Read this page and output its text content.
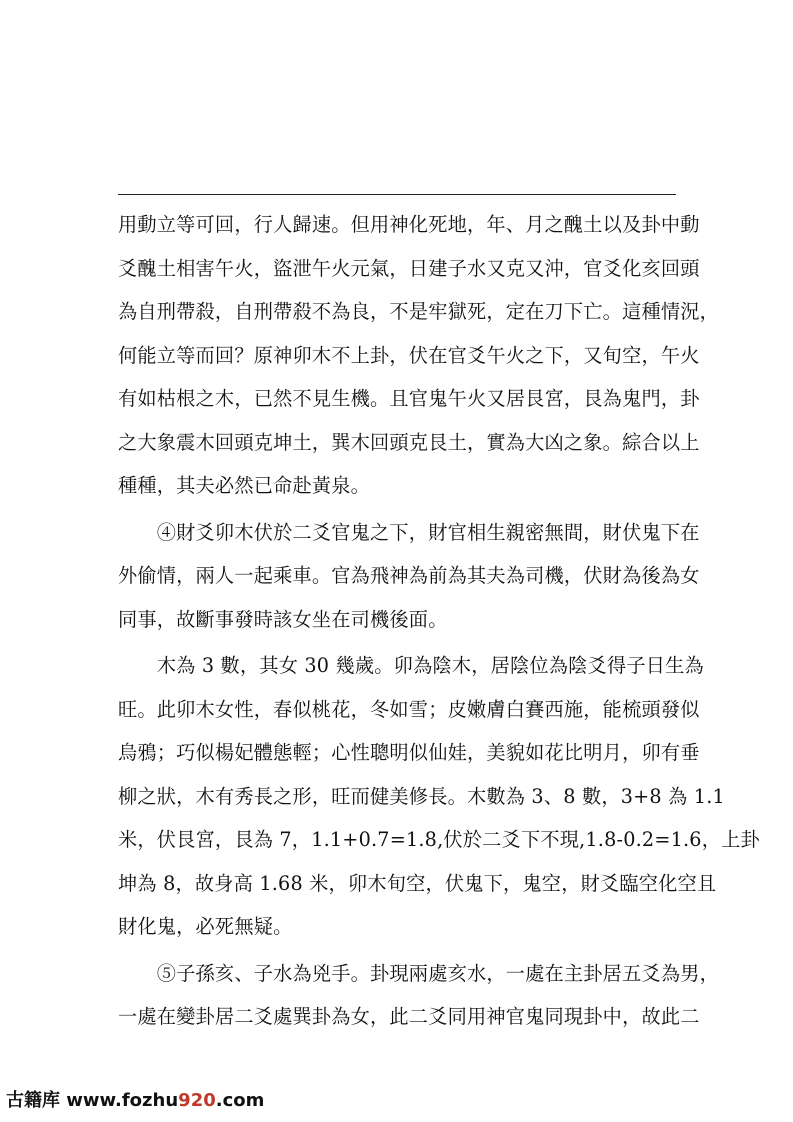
用動立等可回，行人歸速。但用神化死地，年、月之醜土以及卦中動
爻醜土相害午火，盜泄午火元氣，日建子水又克又沖，官爻化亥回頭
為自刑帶殺，自刑帶殺不為良，不是牢獄死，定在刀下亡。這種情況，
何能立等而回？原神卯木不上卦，伏在官爻午火之下，又旬空，午火
有如枯根之木，已然不見生機。且官鬼午火又居艮宮，艮為鬼門，卦
之大象震木回頭克坤土，巽木回頭克艮土，實為大凶之象。綜合以上
種種，其夫必然已命赴黃泉。
　　④財爻卯木伏於二爻官鬼之下，財官相生親密無間，財伏鬼下在
外偷情，兩人一起乘車。官為飛神為前為其夫為司機，伏財為後為女
同事，故斷事發時該女坐在司機後面。
　　木為 3 數，其女 30 幾歲。卯為陰木，居陰位為陰爻得子日生為
旺。此卯木女性，春似桃花，冬如雪；皮嫩膚白賽西施，能梳頭發似
烏鴉；巧似楊妃體態輕；心性聰明似仙娃，美貌如花比明月，卯有垂
柳之狀，木有秀長之形，旺而健美修長。木數為 3、8 數，3+8 為 1.1
米，伏艮宮，艮為 7，1.1+0.7=1.8,伏於二爻下不現,1.8-0.2=1.6，上卦
坤為 8，故身高 1.68 米，卯木旬空，伏鬼下，鬼空，財爻臨空化空且
財化鬼，必死無疑。
　　⑤子孫亥、子水為兇手。卦現兩處亥水，一處在主卦居五爻為男，
一處在變卦居二爻處巽卦為女，此二爻同用神官鬼同現卦中，故此二
古籍库 www.fozhu920.com
